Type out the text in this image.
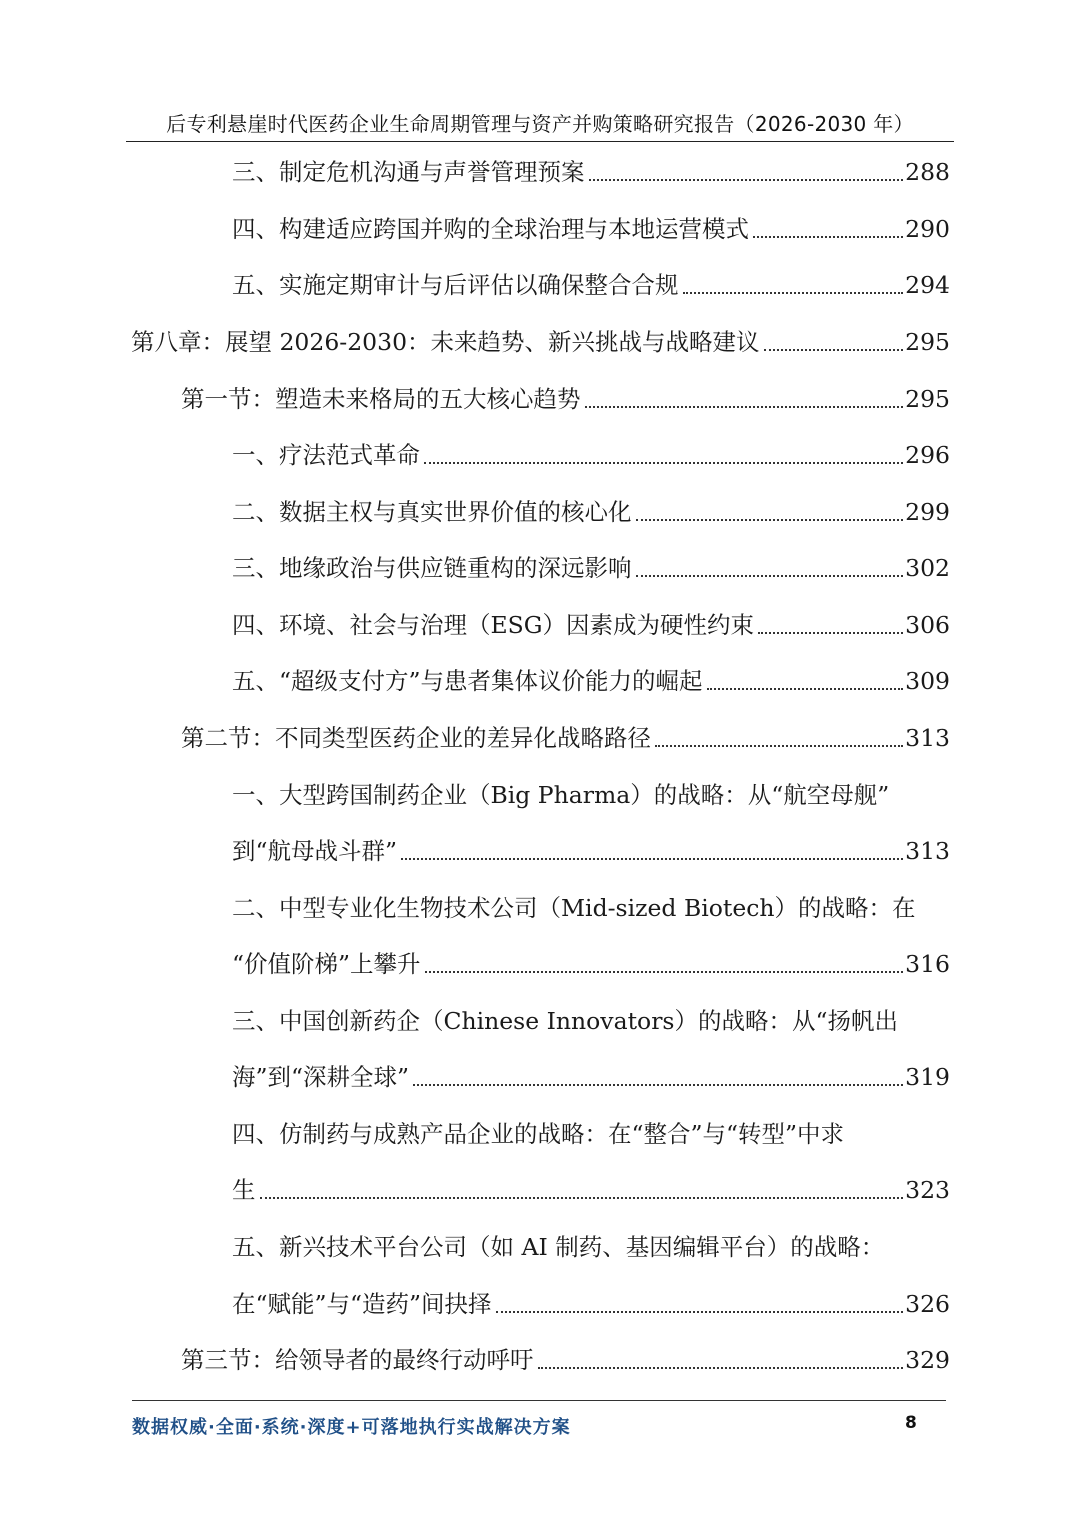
后专利悬崖时代医药企业生命周期管理与资产并购策略研究报告（2026-2030 年）
三、制定危机沟通与声誉管理预案	288
四、构建适应跨国并购的全球治理与本地运营模式	290
五、实施定期审计与后评估以确保整合合规	294
第八章：展望 2026-2030：未来趋势、新兴挑战与战略建议	295
第一节：塑造未来格局的五大核心趋势	295
一、疗法范式革命	296
二、数据主权与真实世界价值的核心化	299
三、地缘政治与供应链重构的深远影响	302
四、环境、社会与治理（ESG）因素成为硬性约束	306
五、“超级支付方”与患者集体议价能力的崛起	309
第二节：不同类型医药企业的差异化战略路径	313
一、大型跨国制药企业（Big Pharma）的战略：从“航空母舰”
到“航母战斗群”	313
二、中型专业化生物技术公司（Mid-sized Biotech）的战略：在
“价值阶梯”上攀升	316
三、中国创新药企（Chinese Innovators）的战略：从“扬帆出
海”到“深耕全球”	319
四、仿制药与成熟产品企业的战略：在“整合”与“转型”中求
生	323
五、新兴技术平台公司（如 AI 制药、基因编辑平台）的战略：
在“赋能”与“造药”间抉择	326
第三节：给领导者的最终行动呼吁	329
数据权威·全面·系统·深度+可落地执行实战解决方案	8
